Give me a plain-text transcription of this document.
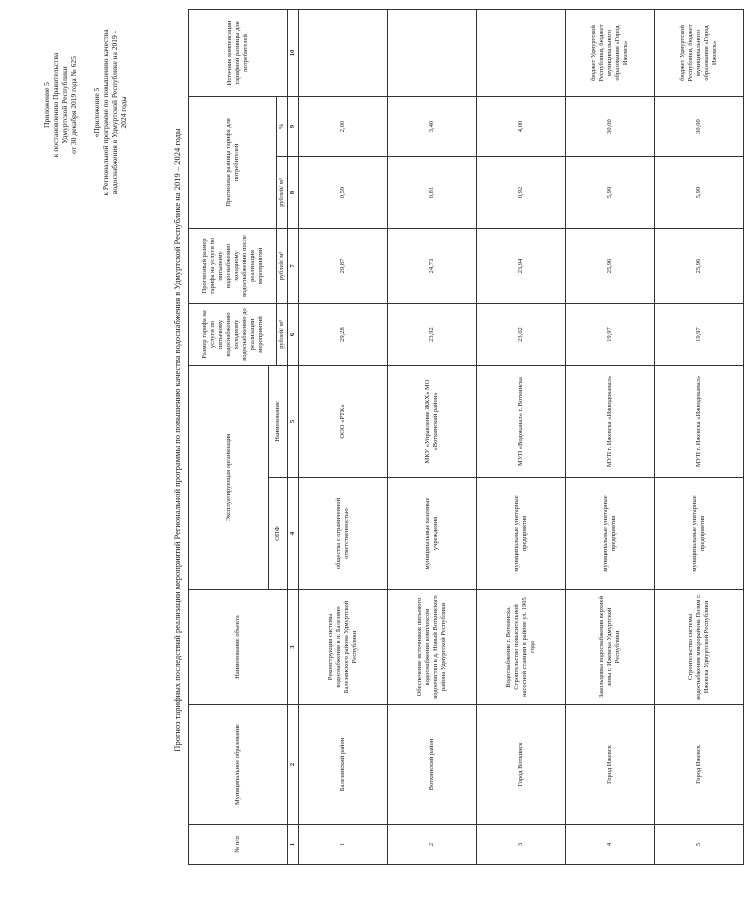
Приложение 5 к постановлению Правительства Удмуртской Республики от 30 декабря 2019 года № 625 «Приложение 5 к Региональной программе по повышению качества водоснабжения в Удмуртской Республике на 2019 - 2024 годы
Прогноз тарифных последствий реализации мероприятий Региональной программы по повышению качества водоснабжения в Удмуртской Республике на 2019 – 2024 годы
№ п/п	Муниципальное образование	Наименование объекта	Эксплуатирующая организация		Размер тарифа на услуги по питьевому водоснабжению холодному водоснабжению до реализации мероприятий	Прогнозный размер тарифа на услуги по питьевому водоснабжению холодному водоснабжению после реализации мероприятий	Прогнозная разница тарифа для потребителей		Источник компенсации тарифной разницы для потребителей
			ОПФ	Наименование					
					рублей/ м³	рублей/ м³	рублей/ м³	%	
1	2	3	4	5	6	7	8	9	10
1	Балезинский район	Реконструкция системы водоснабжения в п. Балезино Балезинского района Удмуртской Республики	общества с ограниченной ответственностью	ООО «РТК»	29,28	29,87	0,59	2,00	
2	Воткинский район	Обеспечение источников питьевого водоснабжения комплексом водоочистки в д. Новый Воткинского района Удмуртской Республики	муниципальные казенные учреждения	МКУ «Управление ЖКХ» МО «Воткинский район»	23,92	24,73	0,81	3,40	
3	Город Воткинск	Водоснабжение г. Воткинска. Строительство повысительной насосной станции в районе ул. 1905 года	муниципальные унитарные предприятия	МУП «Водоканал» г. Воткинска	23,02	23,94	0,92	4,00	
4	Город Ижевск	Закольцовка водоснабжения верхней зоны г. Ижевска Удмуртской Республики	муниципальные унитарные предприятия	МУП г. Ижевска «Ижводоканал»	19,97	25,96	5,99	30,00	бюджет Удмуртской Республики, бюджет муниципального образования «Город Ижевск»
5	Город Ижевск	Строительство системы водоснабжения микрорайона Позим г. Ижевска Удмуртской Республики	муниципальные унитарные предприятия	МУП г. Ижевска «Ижводоканал»	19,97	25,96	5,99	30,00	бюджет Удмуртской Республики, бюджет муниципального образования «Город Ижевск»
